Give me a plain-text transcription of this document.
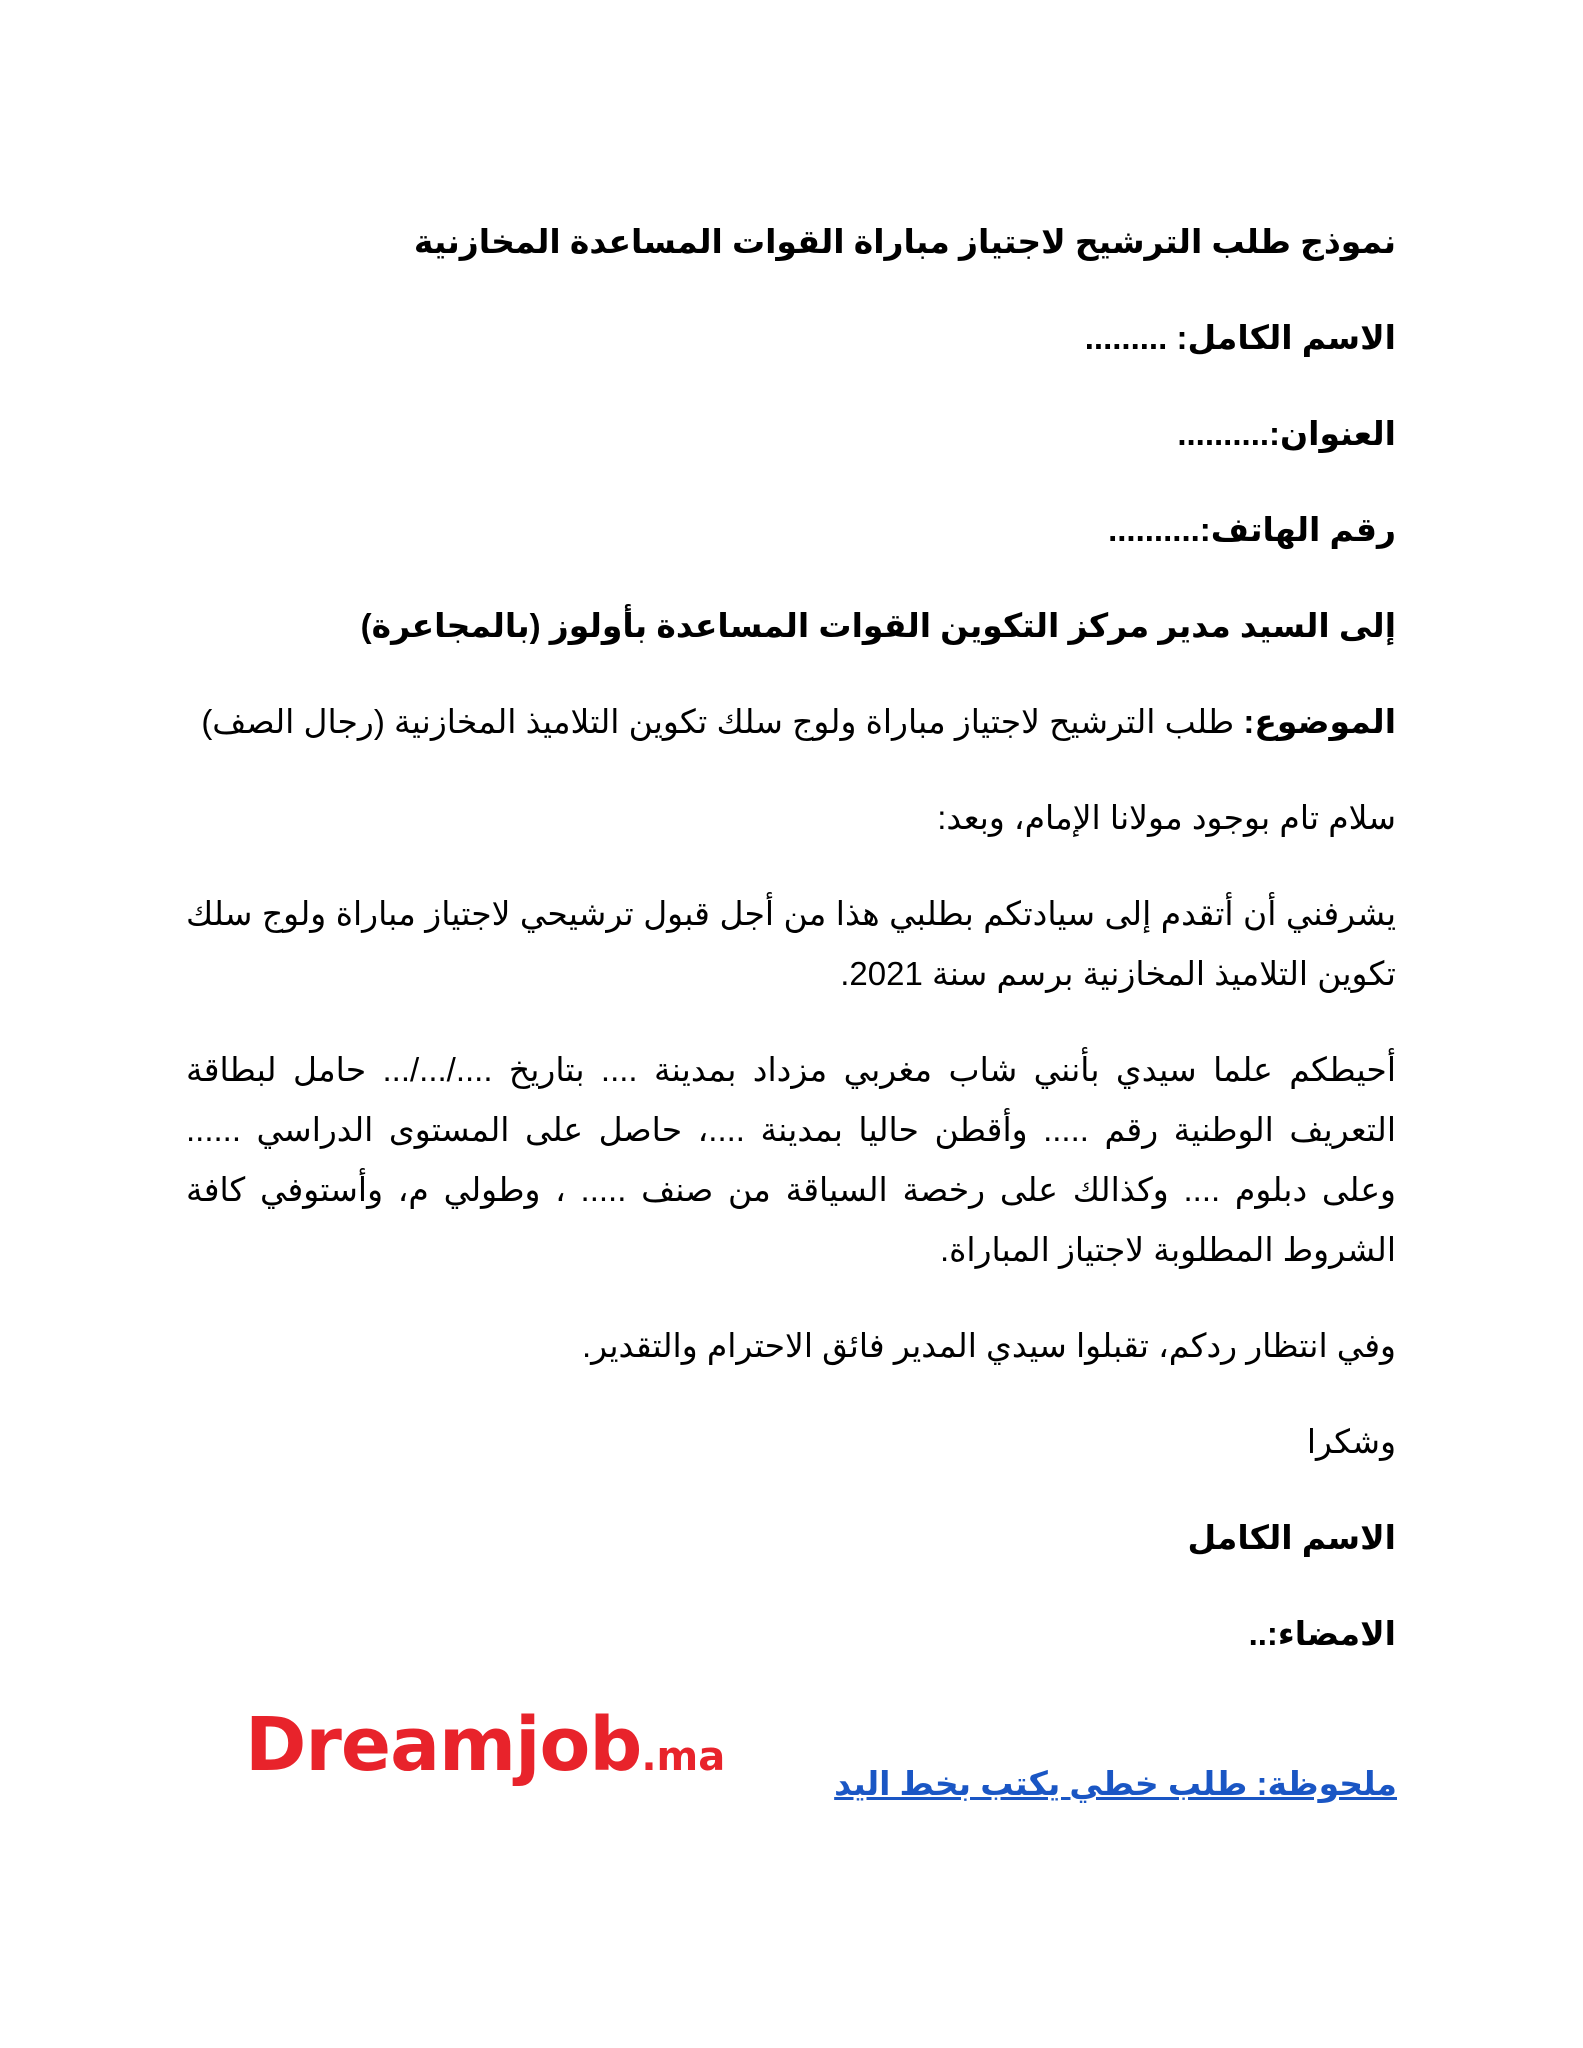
نموذج طلب الترشيح لاجتياز مباراة القوات المساعدة المخازنية
الاسم الكامل: .........
العنوان:..........
رقم الهاتف:..........
إلى السيد مدير مركز التكوين القوات المساعدة بأولوز (بالمجاعرة)
الموضوع: طلب الترشيح لاجتياز مباراة ولوج سلك تكوين التلاميذ المخازنية (رجال الصف)
سلام تام بوجود مولانا الإمام، وبعد:
يشرفني أن أتقدم إلى سيادتكم بطلبي هذا من أجل قبول ترشيحي لاجتياز مباراة ولوج سلك تكوين التلاميذ المخازنية برسم سنة 2021.
أحيطكم علما سيدي بأنني شاب مغربي مزداد بمدينة .... بتاريخ ..../.../... حامل لبطاقة التعريف الوطنية رقم ..... وأقطن حاليا بمدينة ....، حاصل على المستوى الدراسي ...... وعلى دبلوم .... وكذالك على رخصة السياقة من صنف ..... ، وطولي م، وأستوفي كافة الشروط المطلوبة لاجتياز المباراة.
وفي انتظار ردكم، تقبلوا سيدي المدير فائق الاحترام والتقدير.
وشكرا
الاسم الكامل
الامضاء:..
Dreamjob.ma
ملحوظة: طلب خطي يكتب بخط اليد
